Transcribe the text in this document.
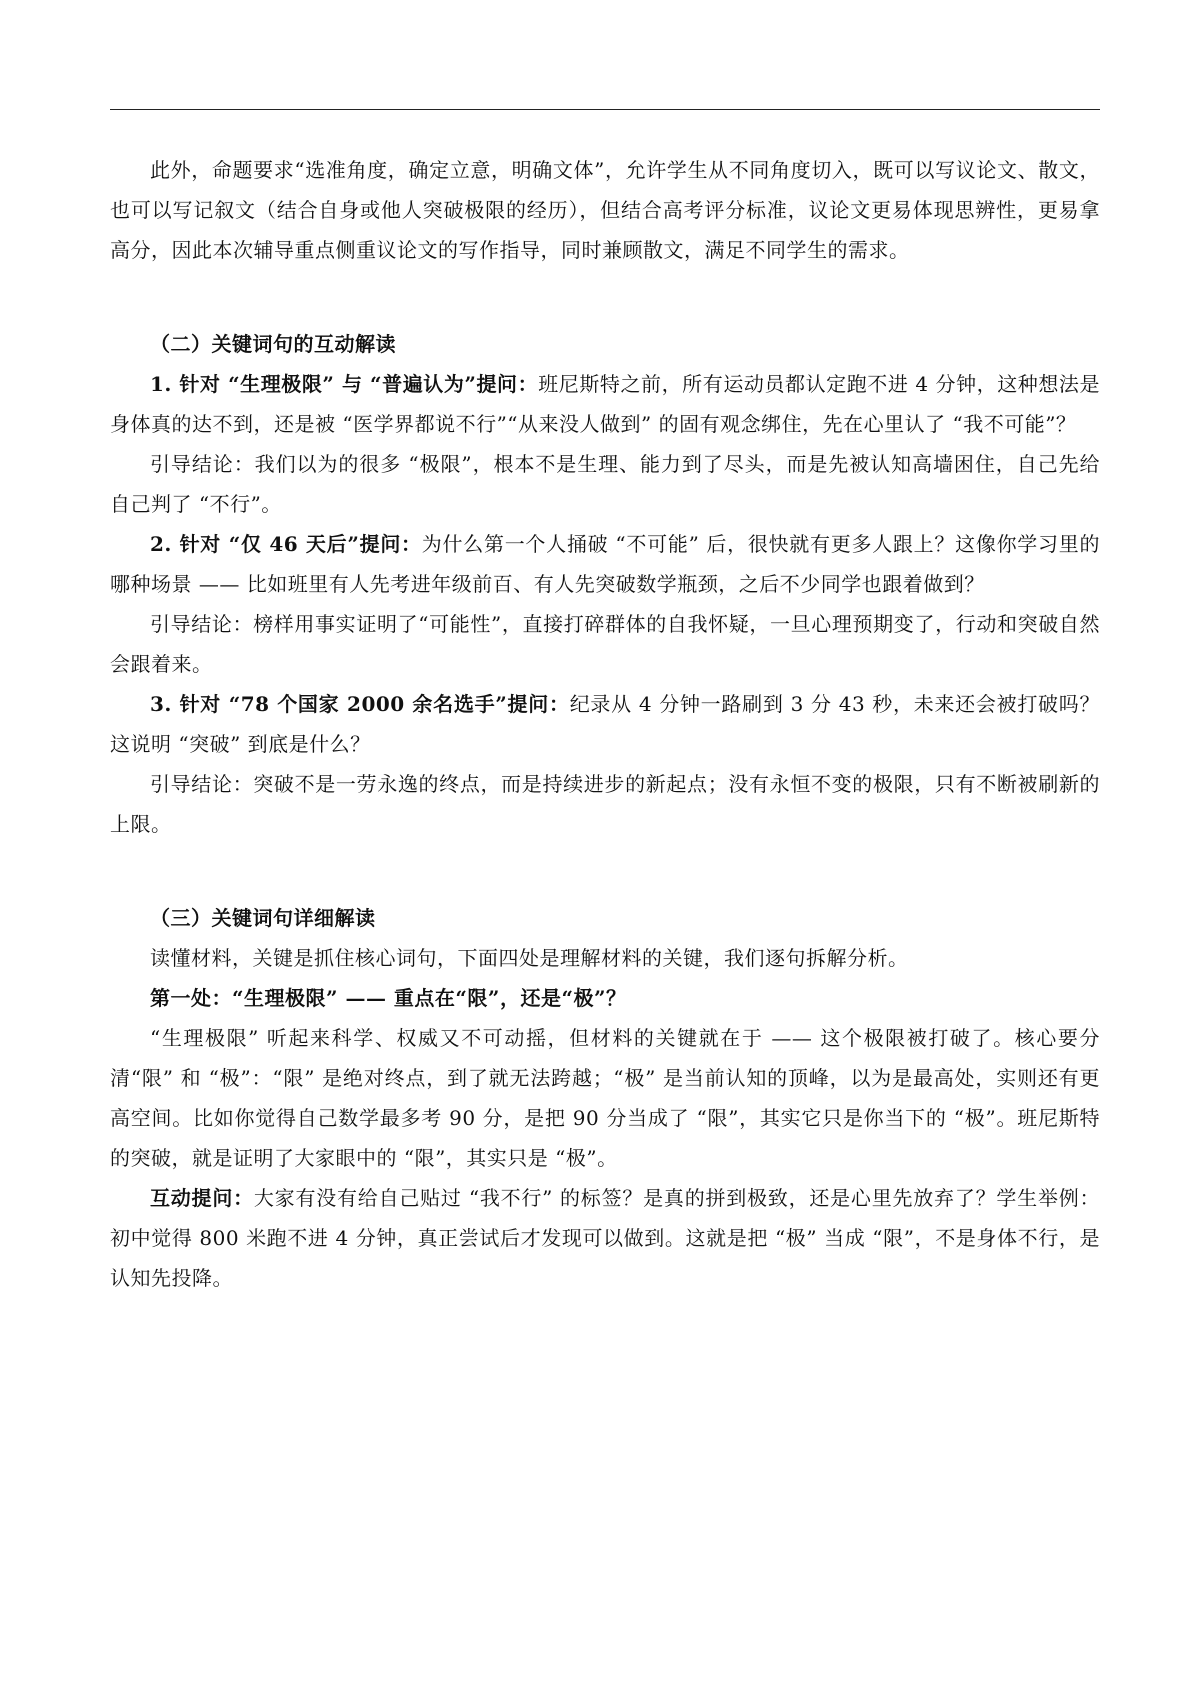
此外，命题要求“选准角度，确定立意，明确文体”，允许学生从不同角度切入，既可以写议论文、散文，也可以写记叙文（结合自身或他人突破极限的经历），但结合高考评分标准，议论文更易体现思辨性，更易拿高分，因此本次辅导重点侧重议论文的写作指导，同时兼顾散文，满足不同学生的需求。

（二）关键词句的互动解读

1. 针对 “生理极限” 与 “普遍认为”提问：班尼斯特之前，所有运动员都认定跑不进 4 分钟，这种想法是身体真的达不到，还是被 “医学界都说不行”“从来没人做到” 的固有观念绑住，先在心里认了 “我不可能”？

引导结论：我们以为的很多 “极限”，根本不是生理、能力到了尽头，而是先被认知高墙困住，自己先给自己判了 “不行”。

2. 针对 “仅 46 天后”提问：为什么第一个人捅破 “不可能” 后，很快就有更多人跟上？这像你学习里的哪种场景 —— 比如班里有人先考进年级前百、有人先突破数学瓶颈，之后不少同学也跟着做到？

引导结论：榜样用事实证明了“可能性”，直接打碎群体的自我怀疑，一旦心理预期变了，行动和突破自然会跟着来。

3. 针对 “78 个国家 2000 余名选手”提问：纪录从 4 分钟一路刷到 3 分 43 秒，未来还会被打破吗？这说明 “突破” 到底是什么？

引导结论：突破不是一劳永逸的终点，而是持续进步的新起点；没有永恒不变的极限，只有不断被刷新的上限。

（三）关键词句详细解读

读懂材料，关键是抓住核心词句，下面四处是理解材料的关键，我们逐句拆解分析。

第一处：“生理极限” —— 重点在“限”，还是“极”？

“生理极限” 听起来科学、权威又不可动摇，但材料的关键就在于 —— 这个极限被打破了。核心要分清“限” 和 “极”：“限” 是绝对终点，到了就无法跨越；“极” 是当前认知的顶峰，以为是最高处，实则还有更高空间。比如你觉得自己数学最多考 90 分，是把 90 分当成了 “限”，其实它只是你当下的 “极”。班尼斯特的突破，就是证明了大家眼中的 “限”，其实只是 “极”。

互动提问：大家有没有给自己贴过 “我不行” 的标签？是真的拼到极致，还是心里先放弃了？学生举例：初中觉得 800 米跑不进 4 分钟，真正尝试后才发现可以做到。这就是把 “极” 当成 “限”，不是身体不行，是认知先投降。
